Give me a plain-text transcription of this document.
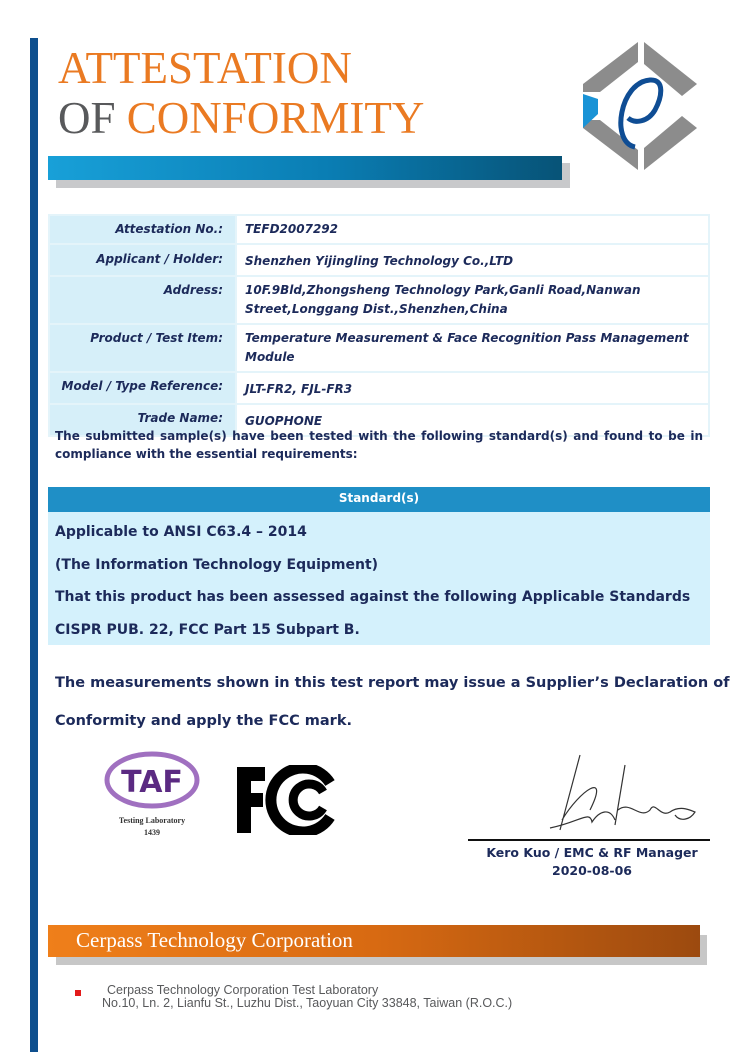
ATTESTATION
OF CONFORMITY
Attestation No.:	TEFD2007292
Applicant / Holder:	Shenzhen Yijingling Technology Co.,LTD
Address:	10F.9Bld,Zhongsheng Technology Park,Ganli Road,Nanwan Street,Longgang Dist.,Shenzhen,China
Product / Test Item:	Temperature Measurement & Face Recognition Pass Management Module
Model / Type Reference:	JLT-FR2, FJL-FR3
Trade Name:	GUOPHONE
The submitted sample(s) have been tested with the following standard(s) and found to be in compliance with the essential requirements:
Standard(s)
Applicable to ANSI C63.4 – 2014
(The Information Technology Equipment)
That this product has been assessed against the following Applicable Standards
CISPR PUB. 22, FCC Part 15 Subpart B.
The measurements shown in this test report may issue a Supplier’s Declaration of
Conformity and apply the FCC mark.
TAF
Testing Laboratory
1439
Kero Kuo / EMC & RF Manager
2020-08-06
Cerpass Technology Corporation
Cerpass Technology Corporation Test Laboratory
No.10, Ln. 2, Lianfu St., Luzhu Dist., Taoyuan City 33848, Taiwan (R.O.C.)
